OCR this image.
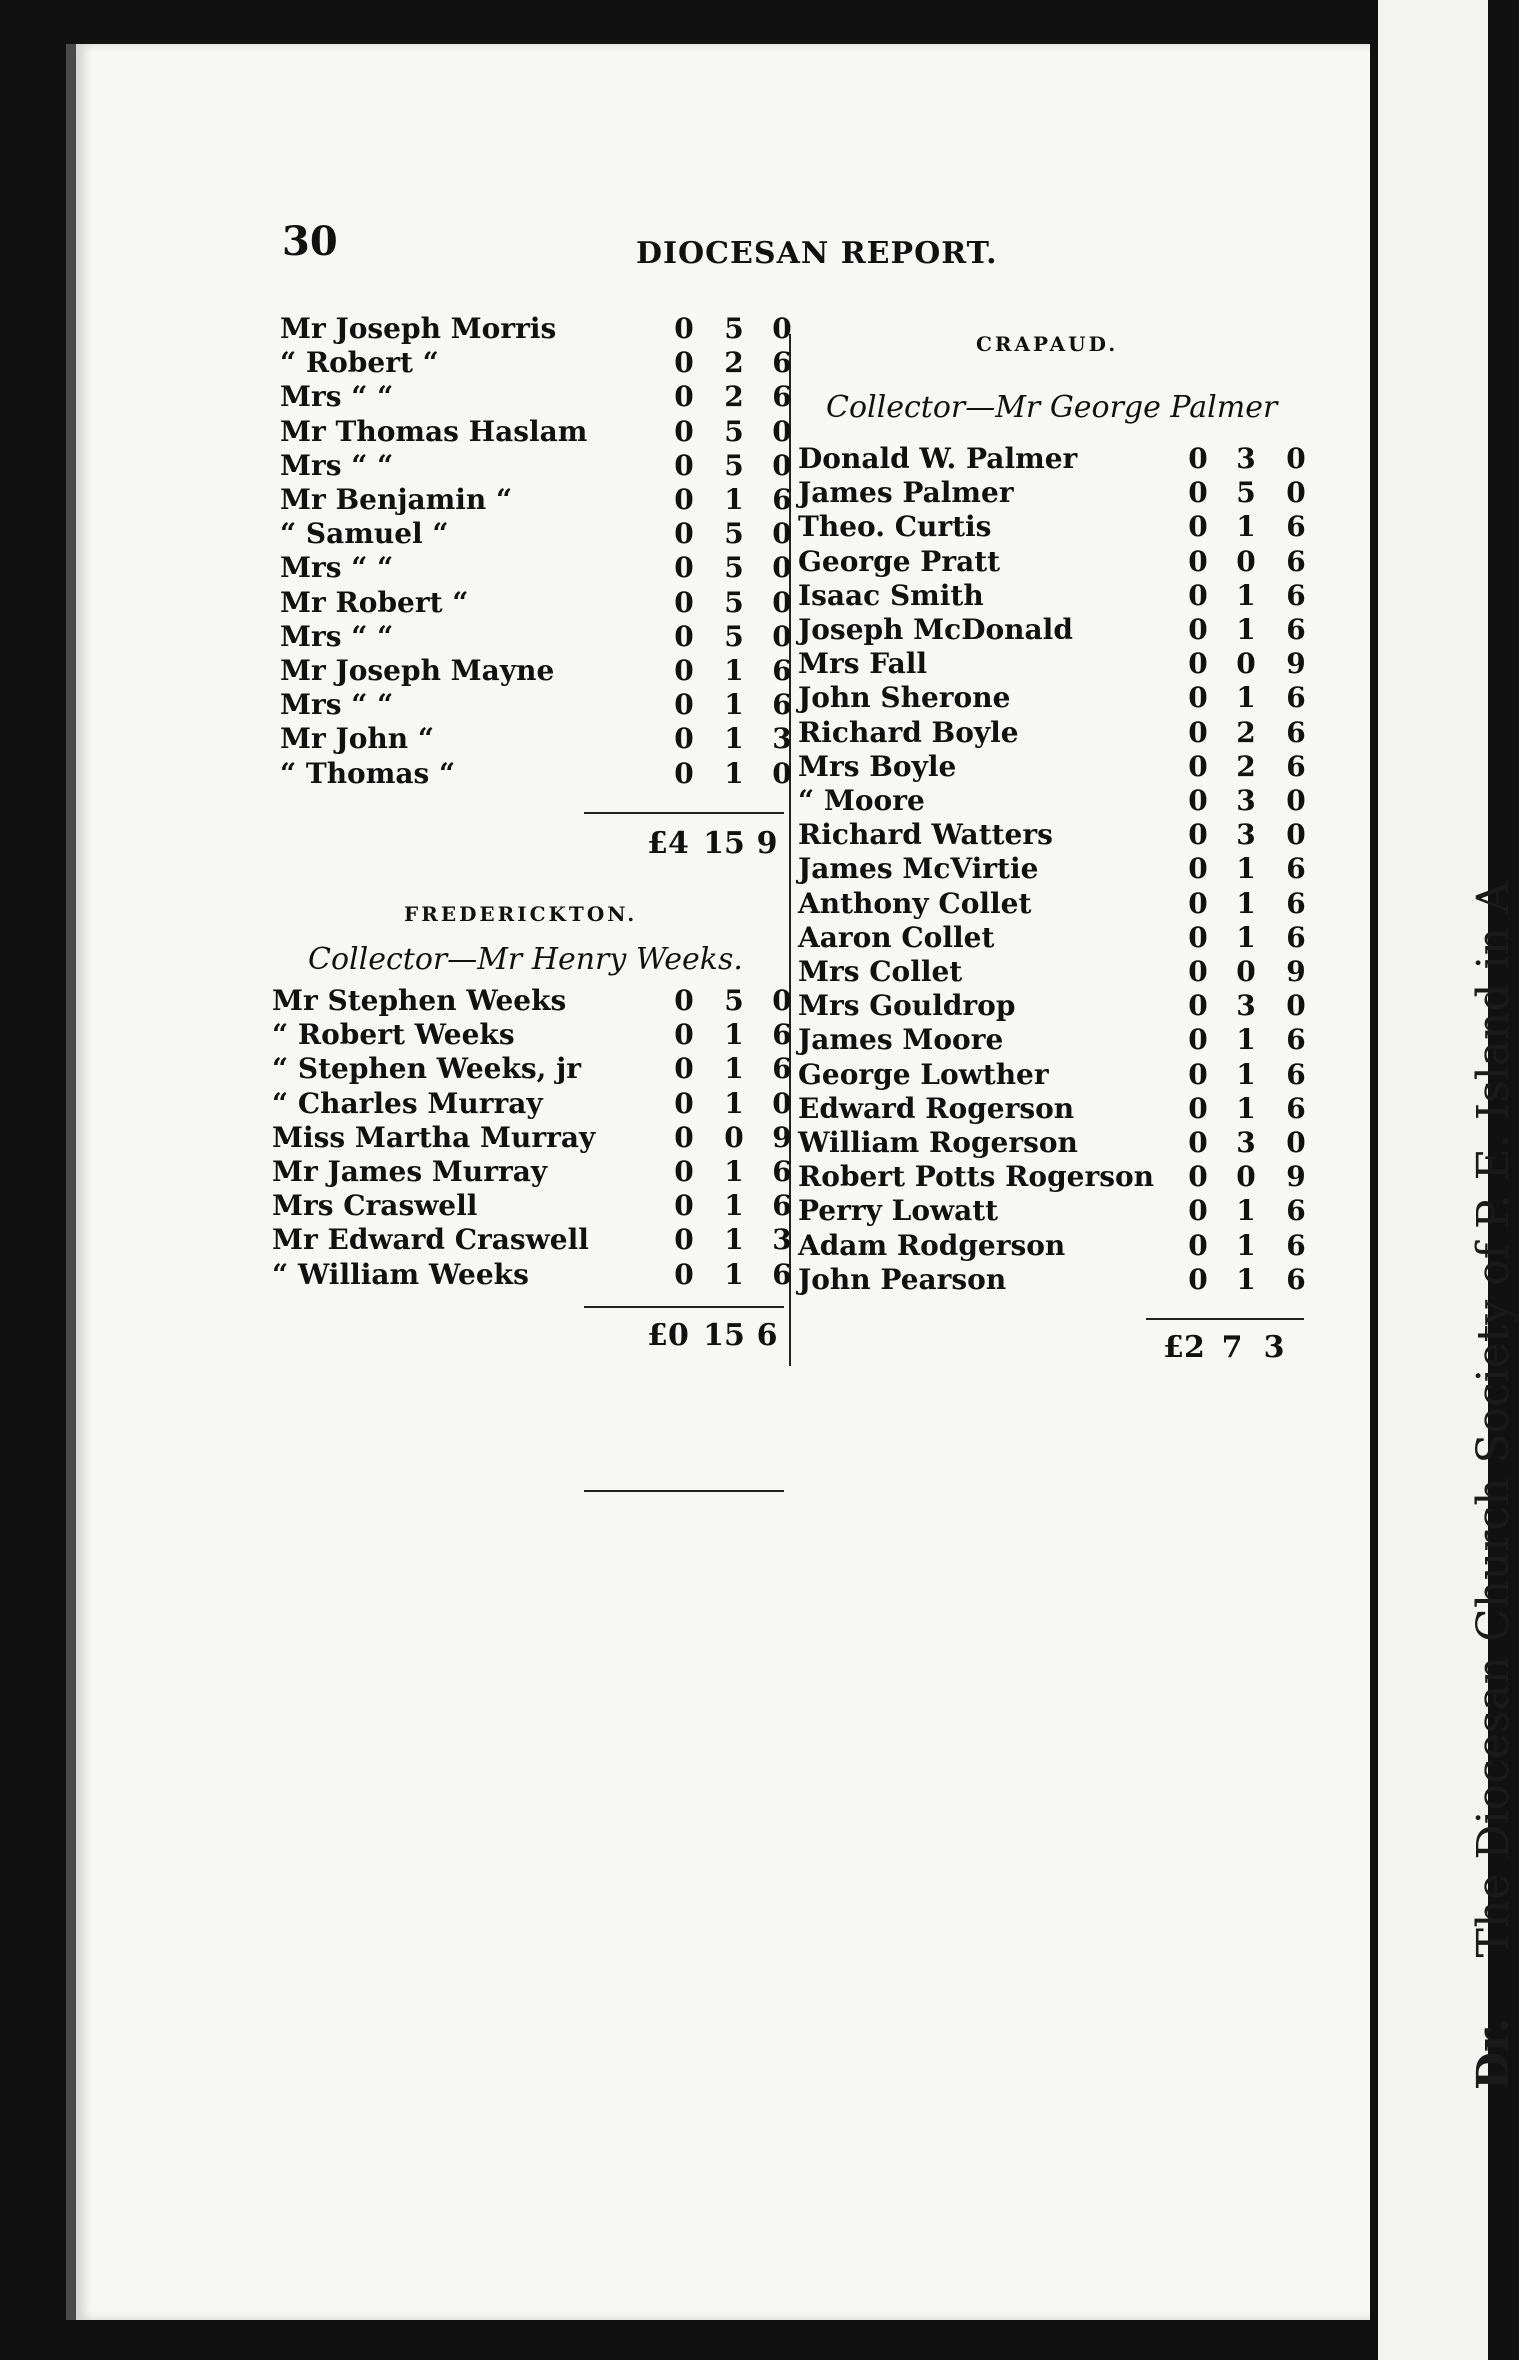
Dr.The Diocesan Church Society of P. E. Island in A
30	DIOCESAN REPORT.
Mr Joseph Morris	0 5 0
“ Robert “	0 2 6
Mrs “ “	0 2 6
Mr Thomas Haslam	0 5 0
Mrs “ “	0 5 0
Mr Benjamin “	0 1 6
“ Samuel “	0 5 0
Mrs “ “	0 5 0
Mr Robert “	0 5 0
Mrs “ “	0 5 0
Mr Joseph Mayne	0 1 6
Mrs “ “	0 1 6
Mr John “	0 1 3
“ Thomas “	0 1 0
£4 15 9
FREDERICKTON.
Collector—Mr Henry Weeks.
Mr Stephen Weeks	0 5 0
“ Robert Weeks	0 1 6
“ Stephen Weeks, jr	0 1 6
“ Charles Murray	0 1 0
Miss Martha Murray	0 0 9
Mr James Murray	0 1 6
Mrs Craswell	0 1 6
Mr Edward Craswell	0 1 3
“ William Weeks	0 1 6
£0 15 6
CRAPAUD.
Collector—Mr George Palmer
Donald W. Palmer	0 3 0
James Palmer	0 5 0
Theo. Curtis	0 1 6
George Pratt	0 0 6
Isaac Smith	0 1 6
Joseph McDonald	0 1 6
Mrs Fall	0 0 9
John Sherone	0 1 6
Richard Boyle	0 2 6
Mrs Boyle	0 2 6
“ Moore	0 3 0
Richard Watters	0 3 0
James McVirtie	0 1 6
Anthony Collet	0 1 6
Aaron Collet	0 1 6
Mrs Collet	0 0 9
Mrs Gouldrop	0 3 0
James Moore	0 1 6
George Lowther	0 1 6
Edward Rogerson	0 1 6
William Rogerson	0 3 0
Robert Potts Rogerson 0 0 9
Perry Lowatt	0 1 6
Adam Rodgerson	0 1 6
John Pearson	0 1 6
£2 7 3
